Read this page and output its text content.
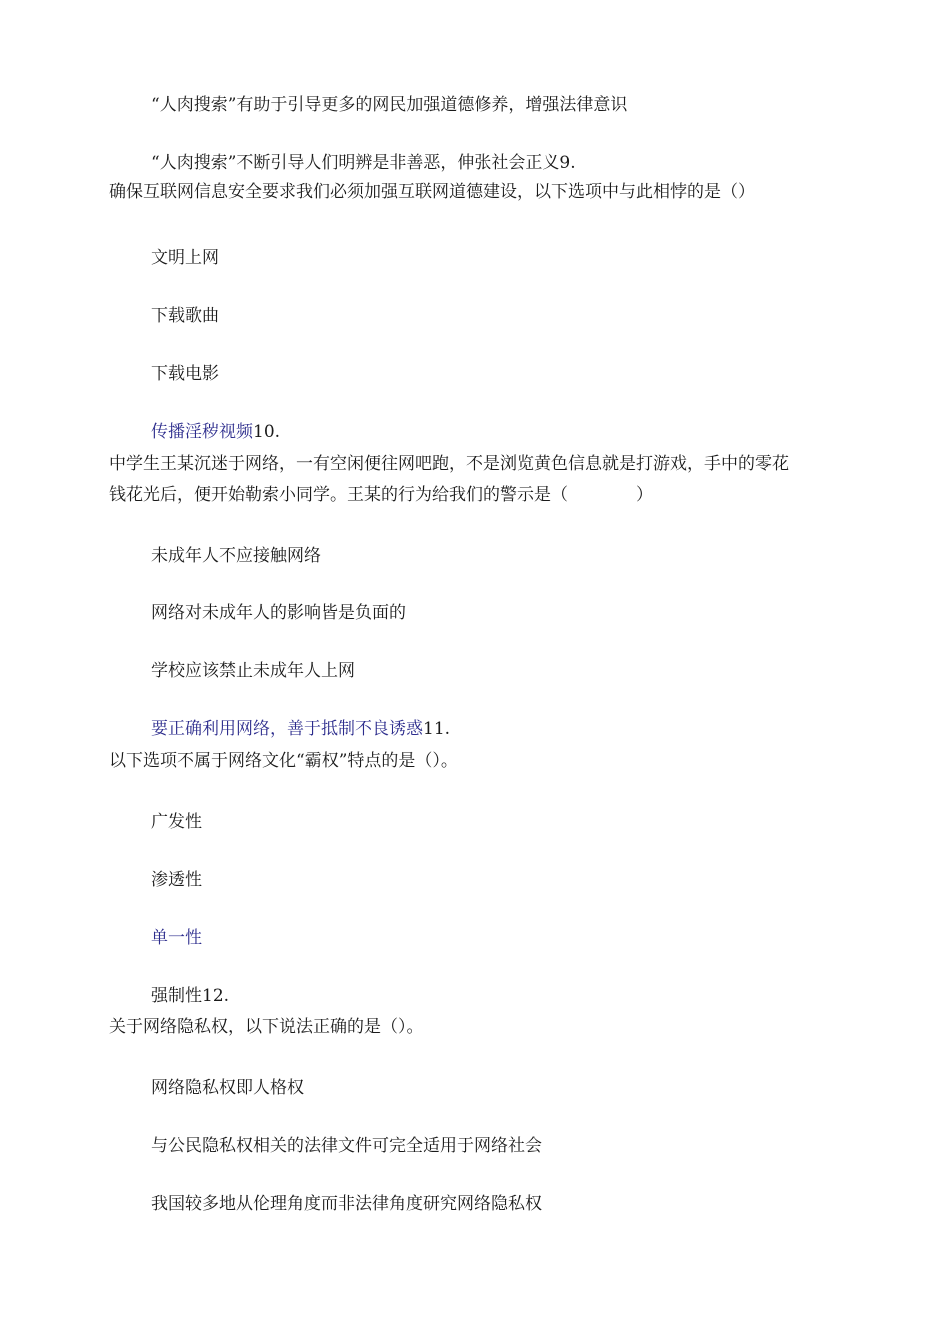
“人肉搜索”有助于引导更多的网民加强道德修养，增强法律意识
“人肉搜索”不断引导人们明辨是非善恶，伸张社会正义9.
确保互联网信息安全要求我们必须加强互联网道德建设，以下选项中与此相悖的是（）
文明上网
下载歌曲
下载电影
传播淫秽视频10.
中学生王某沉迷于网络，一有空闲便往网吧跑，不是浏览黄色信息就是打游戏，手中的零花
钱花光后，便开始勒索小同学。王某的行为给我们的警示是（　　　　）
未成年人不应接触网络
网络对未成年人的影响皆是负面的
学校应该禁止未成年人上网
要正确利用网络，善于抵制不良诱惑11.
以下选项不属于网络文化“霸权”特点的是（）。
广发性
渗透性
单一性
强制性12.
关于网络隐私权，以下说法正确的是（）。
网络隐私权即人格权
与公民隐私权相关的法律文件可完全适用于网络社会
我国较多地从伦理角度而非法律角度研究网络隐私权
